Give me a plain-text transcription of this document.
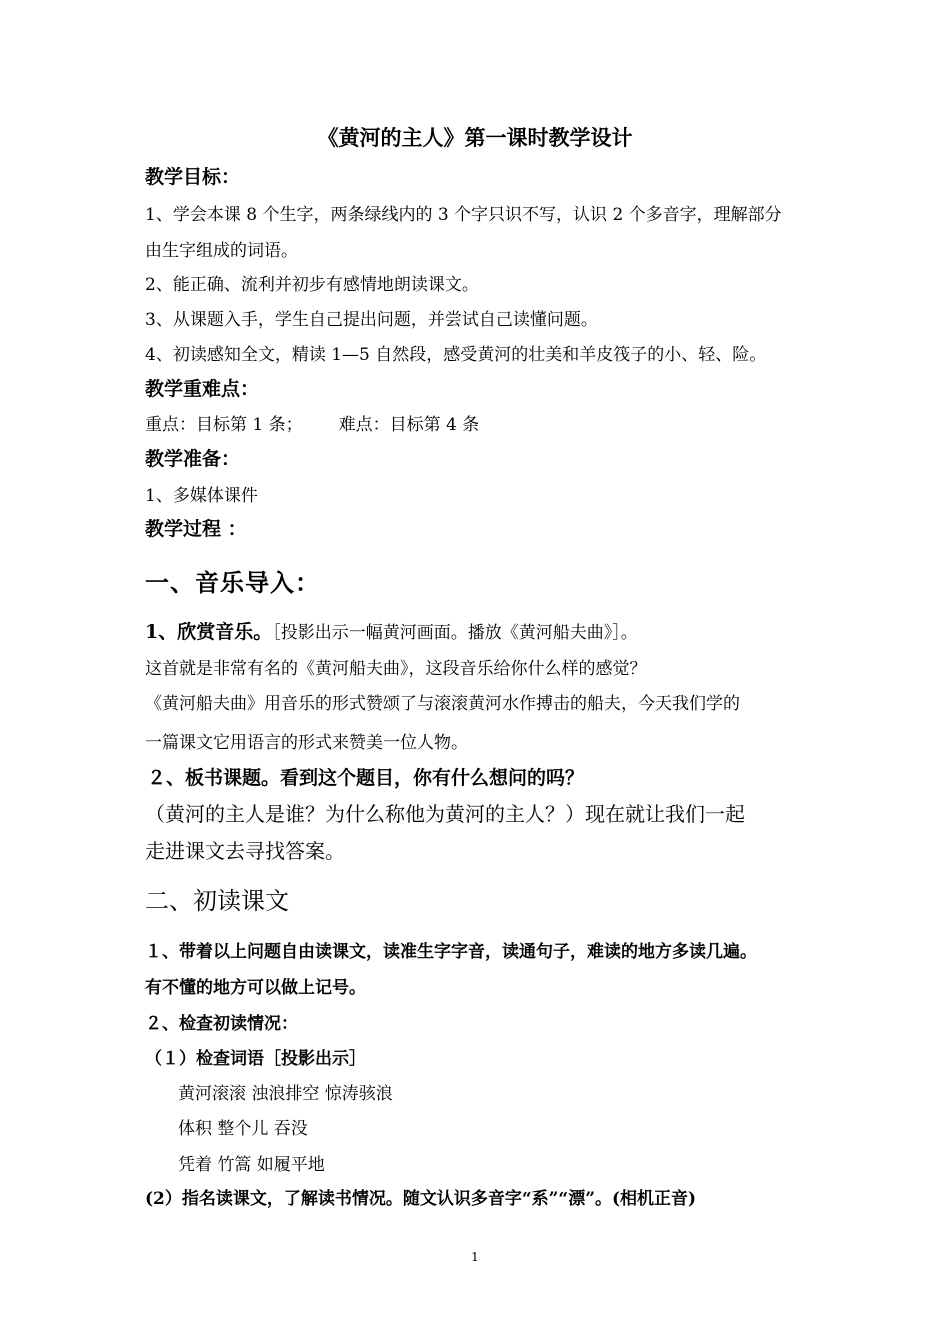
《黄河的主人》第一课时教学设计
教学目标：
1、学会本课 8 个生字，两条绿线内的 3 个字只识不写，认识 2 个多音字，理解部分
由生字组成的词语。
2、能正确、流利并初步有感情地朗读课文。
3、从课题入手，学生自己提出问题，并尝试自己读懂问题。
4、初读感知全文，精读 1—5 自然段，感受黄河的壮美和羊皮筏子的小、轻、险。
教学重难点：
重点：目标第 1 条； 难点：目标第 4 条
教学准备：
1、多媒体课件
教学过程 ：
一、音乐导入：
1、欣赏音乐。［投影出示一幅黄河画面。播放《黄河船夫曲》］。
这首就是非常有名的《黄河船夫曲》，这段音乐给你什么样的感觉？
《黄河船夫曲》用音乐的形式赞颂了与滚滚黄河水作搏击的船夫，今天我们学的
一篇课文它用语言的形式来赞美一位人物。
２、板书课题。看到这个题目，你有什么想问的吗？
（黄河的主人是谁？为什么称他为黄河的主人？）现在就让我们一起
走进课文去寻找答案。
二、初读课文
１、带着以上问题自由读课文，读准生字字音，读通句子，难读的地方多读几遍。
有不懂的地方可以做上记号。
２、检查初读情况：
（１）检查词语［投影出示］
黄河滚滚 浊浪排空 惊涛骇浪
体积 整个儿 吞没
凭着 竹篙 如履平地
(2）指名读课文，了解读书情况。随文认识多音字“系”“漂”。(相机正音)
1
